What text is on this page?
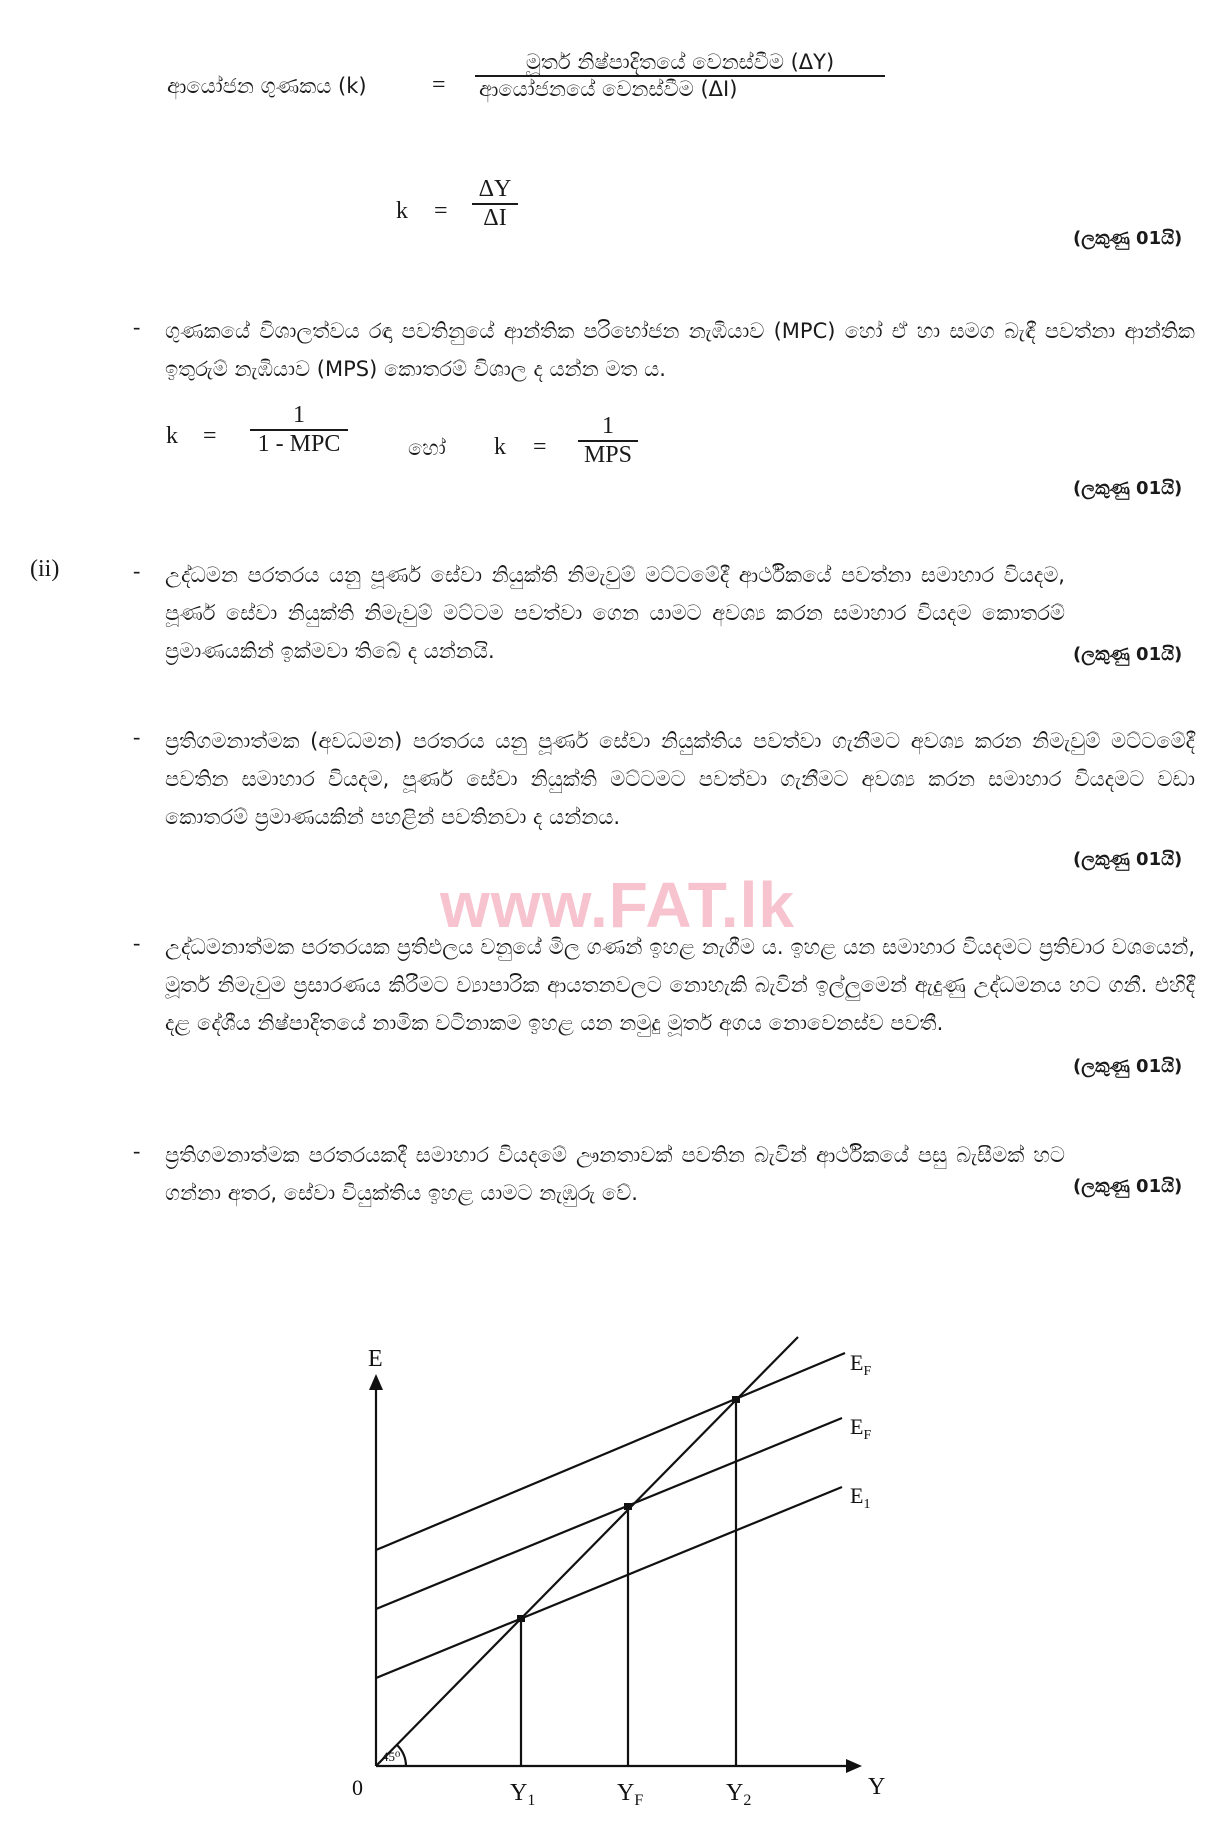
ආයෝජන ගුණකය (k)	=
මූර්ත නිෂ්පාදිතයේ වෙනස්වීම (ΔY)
ආයෝජනයේ වෙනස්වීම (ΔI)
k =
ΔY
ΔI
(ලකුණු 01යි)
- ගුණකයේ විශාලත්වය රඳා පවතිනුයේ ආන්තික පරිභෝජන නැඹියාව (MPC) හෝ ඒ හා සමග බැඳී පවත්නා ආන්තික ඉතුරුම් නැඹියාව (MPS) කොතරම් විශාල ද යන්න මත ය.
k =
1
1 - MPC	හෝ k =
1
MPS
(ලකුණු 01යි)
(ii)	- උද්ධමන පරතරය යනු පූර්ණ සේවා නියුක්ති නිමැවුම් මට්ටමේදී ආර්ථිකයේ පවත්නා සමාහාර වියදම, පූර්ණ සේවා නියුක්ති නිමැවුම් මට්ටම පවත්වා ගෙන යාමට අවශ්‍ය කරන සමාහාර වියදම කොතරම් ප්‍රමාණයකින් ඉක්මවා තිබේ ද යන්නයි.	(ලකුණු 01යි)
- ප්‍රතිගමනාත්මක (අවධමන) පරතරය යනු පූර්ණ සේවා නියුක්තිය පවත්වා ගැනීමට අවශ්‍ය කරන නිමැවුම් මට්ටමේදී පවතින සමාහාර වියදම, පූර්ණ සේවා නියුක්ති මට්ටමට පවත්වා ගැනීමට අවශ්‍ය කරන සමාහාර වියදමට වඩා කොතරම් ප්‍රමාණයකින් පහළින් පවතිනවා ද යන්නය.
(ලකුණු 01යි)
www.FAT.lk
- උද්ධමනාත්මක පරතරයක ප්‍රතිඵලය වනුයේ මිල ගණන් ඉහළ නැගීම ය. ඉහළ යන සමාහාර වියදමට ප්‍රතිචාර වශයෙන්, මූර්ත නිමැවුම ප්‍රසාරණය කිරීමට ව්‍යාපාරික ආයතනවලට නොහැකි බැවින් ඉල්ලුමෙන් ඇදුණු උද්ධමනය හට ගනී. එහිදී දළ දේශීය නිෂ්පාදිතයේ නාමික වටිනාකම ඉහළ යන නමුදු මූර්ත අගය නොවෙනස්ව පවතී.
(ලකුණු 01යි)
- ප්‍රතිගමනාත්මක පරතරයකදී සමාහාර වියදමේ ඌනතාවක් පවතින බැවින් ආර්ථිකයේ පසු බැසීමක් හට ගන්නා අතර, සේවා වියුක්තිය ඉහළ යාමට නැඹුරු වේ.	(ලකුණු 01යි)
E
Y
0
45⁰
$E_F$
$E_F$
$E_1$
$Y_1$	$Y_F$	$Y_2$
